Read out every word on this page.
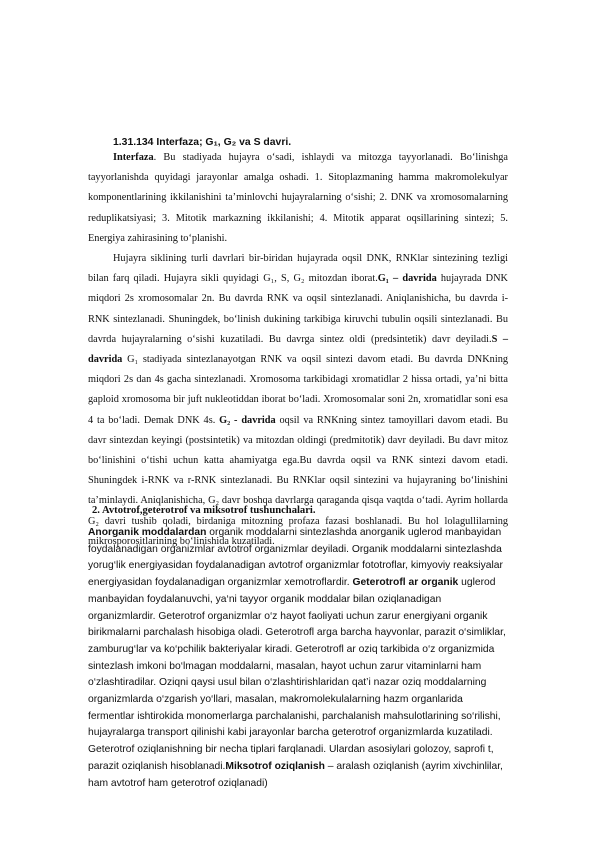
1.31.134 Interfaza; G₁, G₂ va S davri.

Interfaza. Bu stadiyada hujayra o‘sadi, ishlaydi va mitozga tayyorlanadi. Bo‘linishga tayyorlanishda quyidagi jarayonlar amalga oshadi. 1. Sitoplazmaning hamma makromolekulyar komponentlarining ikkilanishini ta’minlovchi hujayralarning o‘sishi; 2. DNK va xromosomalarning reduplikatsiyasi; 3. Mitotik markazning ikkilanishi; 4. Mitotik apparat oqsillarining sintezi; 5. Energiya zahirasining to‘planishi.

Hujayra siklining turli davrlari bir-biridan hujayrada oqsil DNK, RNKlar sintezining tezligi bilan farq qiladi. Hujayra sikli quyidagi G₁, S, G₂ mitozdan iborat.G₁ – davrida hujayrada DNK miqdori 2s xromosomalar 2n. Bu davrda RNK va oqsil sintezlanadi. Aniqlanishicha, bu davrda i-RNK sintezlanadi. Shuningdek, bo‘linish dukining tarkibiga kiruvchi tubulin oqsili sintezlanadi. Bu davrda hujayralarning o‘sishi kuzatiladi. Bu davrga sintez oldi (predsintetik) davr deyiladi.S – davrida G₁ stadiyada sintezlanayotgan RNK va oqsil sintezi davom etadi. Bu davrda DNKning miqdori 2s dan 4s gacha sintezlanadi. Xromosoma tarkibidagi xromatidlar 2 hissa ortadi, ya’ni bitta gaploid xromosoma bir juft nukleotiddan iborat bo‘ladi. Xromosomalar soni 2n, xromatidlar soni esa 4 ta bo‘ladi. Demak DNK 4s. G₂ - davrida oqsil va RNKning sintez tamoyillari davom etadi. Bu davr sintezdan keyingi (postsintetik) va mitozdan oldingi (predmitotik) davr deyiladi. Bu davr mitoz bo‘linishini o‘tishi uchun katta ahamiyatga ega.Bu davrda oqsil va RNK sintezi davom etadi. Shuningdek i-RNK va r-RNK sintezlanadi. Bu RNKlar oqsil sintezini va hujayraning bo‘linishini ta’minlaydi. Aniqlanishicha, G₂ davr boshqa davrlarga qaraganda qisqa vaqtda o‘tadi. Ayrim hollarda G₂ davri tushib qoladi, birdaniga mitozning profaza fazasi boshlanadi. Bu hol lolagullilarning mikrosporositlarining bo‘linishida kuzatiladi.

2. Avtotrof,geterotrof va miksotrof tushunchalari.

Anorganik moddalardan organik moddalarni sintezlashda anorganik uglerod manbayidan foydalanadigan organizmlar avtotrof organizmlar deyiladi. Organik moddalarni sintezlashda yorug‘lik energiyasidan foydalanadigan avtotrof organizmlar fototroflar, kimyoviy reaksiyalar energiyasidan foydalanadigan organizmlar xemotroflardir. Geterotrofl ar organik uglerod manbayidan foydalanuvchi, ya‘ni tayyor organik moddalar bilan oziqlanadigan organizmlardir. Geterotrof organizmlar o‘z hayot faoliyati uchun zarur energiyani organik birikmalarni parchalash hisobiga oladi. Geterotrofl arga barcha hayvonlar, parazit o‘simliklar, zamburug‘lar va ko‘pchilik bakteriyalar kiradi. Geterotrofl ar oziq tarkibida o‘z organizmida sintezlash imkoni bo‘lmagan moddalarni, masalan, hayot uchun zarur vitaminlarni ham o‘zlashtiradilar. Oziqni qaysi usul bilan o‘zlashtirishlaridan qat’i nazar oziq moddalarning organizmlarda o‘zgarish yo‘llari, masalan, makromolekulalarning hazm organlarida fermentlar ishtirokida monomerlarga parchalanishi, parchalanish mahsulotlarining so‘rilishi, hujayralarga transport qilinishi kabi jarayonlar barcha geterotrof organizmlarda kuzatiladi. Geterotrof oziqlanishning bir necha tiplari farqlanadi. Ulardan asosiylari golozoy, saprofi t, parazit oziqlanish hisoblanadi.Miksotrof oziqlanish – aralash oziqlanish (ayrim xivchinlilar, ham avtotrof ham geterotrof oziqlanadi)
